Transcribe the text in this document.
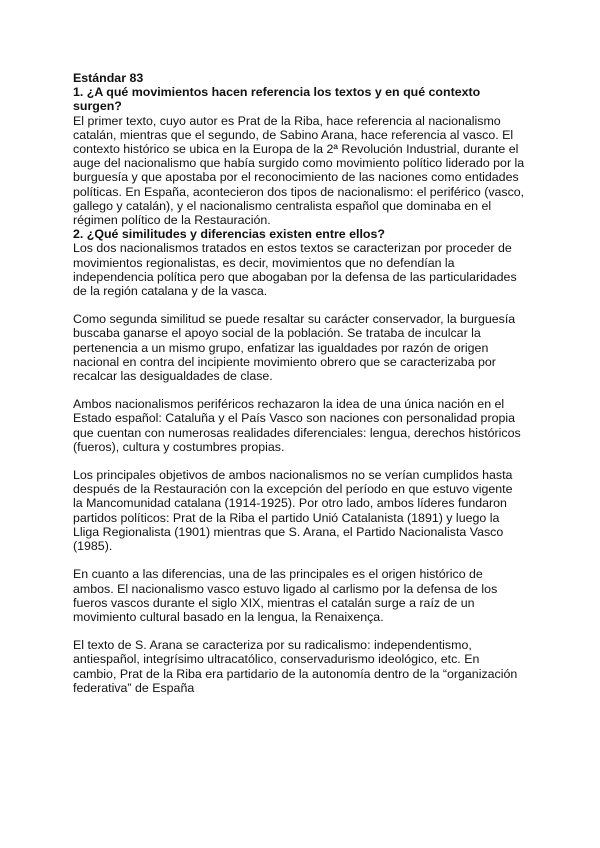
Estándar 83

1. ¿A qué movimientos hacen referencia los textos y en qué contexto surgen?

El primer texto, cuyo autor es Prat de la Riba, hace referencia al nacionalismo catalán, mientras que el segundo, de Sabino Arana, hace referencia al vasco. El contexto histórico se ubica en la Europa de la 2ª Revolución Industrial, durante el auge del nacionalismo que había surgido como movimiento político liderado por la burguesía y que apostaba por el reconocimiento de las naciones como entidades políticas. En España, acontecieron dos tipos de nacionalismo: el periférico (vasco, gallego y catalán), y el nacionalismo centralista español que dominaba en el régimen político de la Restauración.

2. ¿Qué similitudes y diferencias existen entre ellos?

Los dos nacionalismos tratados en estos textos se caracterizan por proceder de movimientos regionalistas, es decir, movimientos que no defendían la independencia política pero que abogaban por la defensa de las particularidades de la región catalana y de la vasca.

Como segunda similitud se puede resaltar su carácter conservador, la burguesía buscaba ganarse el apoyo social de la población. Se trataba de inculcar la pertenencia a un mismo grupo, enfatizar las igualdades por razón de origen nacional en contra del incipiente movimiento obrero que se caracterizaba por recalcar las desigualdades de clase.

Ambos nacionalismos periféricos rechazaron la idea de una única nación en el Estado español: Cataluña y el País Vasco son naciones con personalidad propia que cuentan con numerosas realidades diferenciales: lengua, derechos históricos (fueros), cultura y costumbres propias.

Los principales objetivos de ambos nacionalismos no se verían cumplidos hasta después de la Restauración con la excepción del período en que estuvo vigente la Mancomunidad catalana (1914-1925). Por otro lado, ambos líderes fundaron partidos políticos: Prat de la Riba el partido Unió Catalanista (1891) y luego la Lliga Regionalista (1901) mientras que S. Arana, el Partido Nacionalista Vasco (1985).

En cuanto a las diferencias, una de las principales es el origen histórico de ambos. El nacionalismo vasco estuvo ligado al carlismo por la defensa de los fueros vascos durante el siglo XIX, mientras el catalán surge a raíz de un movimiento cultural basado en la lengua, la Renaixença.

El texto de S. Arana se caracteriza por su radicalismo: independentismo, antiespañol, integrísimo ultracatólico, conservadurismo ideológico, etc. En cambio, Prat de la Riba era partidario de la autonomía dentro de la “organización federativa” de España
